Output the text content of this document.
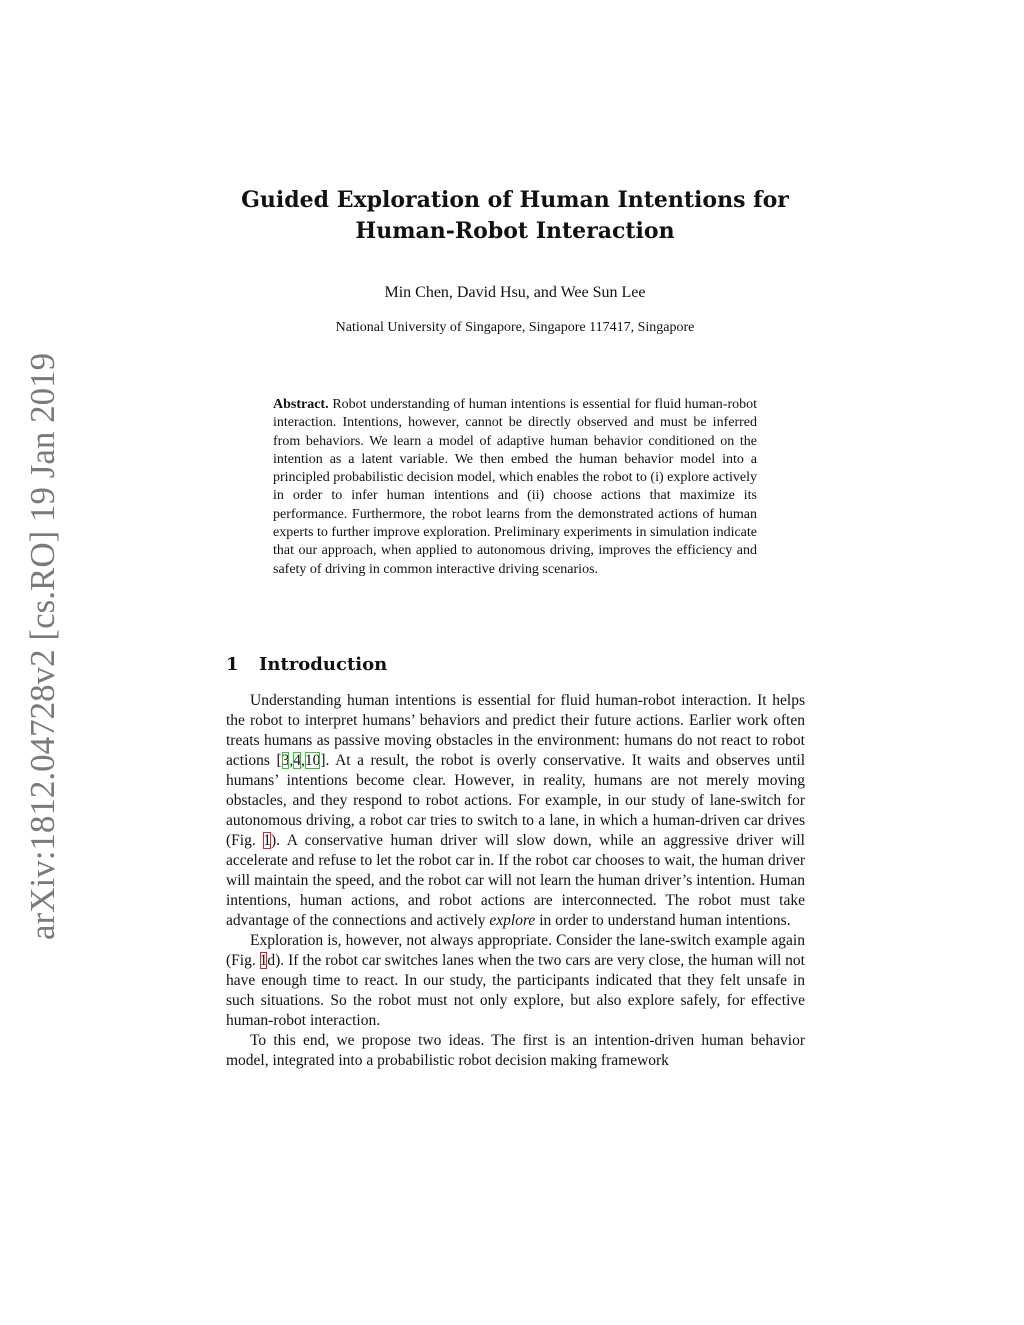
arXiv:1812.04728v2 [cs.RO] 19 Jan 2019
Guided Exploration of Human Intentions for
Human-Robot Interaction
Min Chen, David Hsu, and Wee Sun Lee
National University of Singapore, Singapore 117417, Singapore
Abstract. Robot understanding of human intentions is essential for fluid human-robot interaction. Intentions, however, cannot be directly observed and must be inferred from behaviors. We learn a model of adaptive human behavior conditioned on the intention as a latent variable. We then embed the human behavior model into a principled probabilistic decision model, which enables the robot to (i) explore actively in order to infer human intentions and (ii) choose actions that maximize its performance. Furthermore, the robot learns from the demonstrated actions of human experts to further improve exploration. Preliminary experiments in simulation indicate that our approach, when applied to autonomous driving, improves the efficiency and safety of driving in common interactive driving scenarios.
1 Introduction

Understanding human intentions is essential for fluid human-robot interaction. It helps the robot to interpret humans’ behaviors and predict their future actions. Earlier work often treats humans as passive moving obstacles in the environment: humans do not react to robot actions [3,4,10]. At a result, the robot is overly conservative. It waits and observes until humans’ intentions become clear. However, in reality, humans are not merely moving obstacles, and they respond to robot actions. For example, in our study of lane-switch for autonomous driving, a robot car tries to switch to a lane, in which a human-driven car drives (Fig. 1). A conservative human driver will slow down, while an aggressive driver will accelerate and refuse to let the robot car in. If the robot car chooses to wait, the human driver will maintain the speed, and the robot car will not learn the human driver’s intention. Human intentions, human actions, and robot actions are interconnected. The robot must take advantage of the connections and actively explore in order to understand human intentions.

Exploration is, however, not always appropriate. Consider the lane-switch example again (Fig. 1d). If the robot car switches lanes when the two cars are very close, the human will not have enough time to react. In our study, the participants indicated that they felt unsafe in such situations. So the robot must not only explore, but also explore safely, for effective human-robot interaction.

To this end, we propose two ideas. The first is an intention-driven human behavior model, integrated into a probabilistic robot decision making framework
